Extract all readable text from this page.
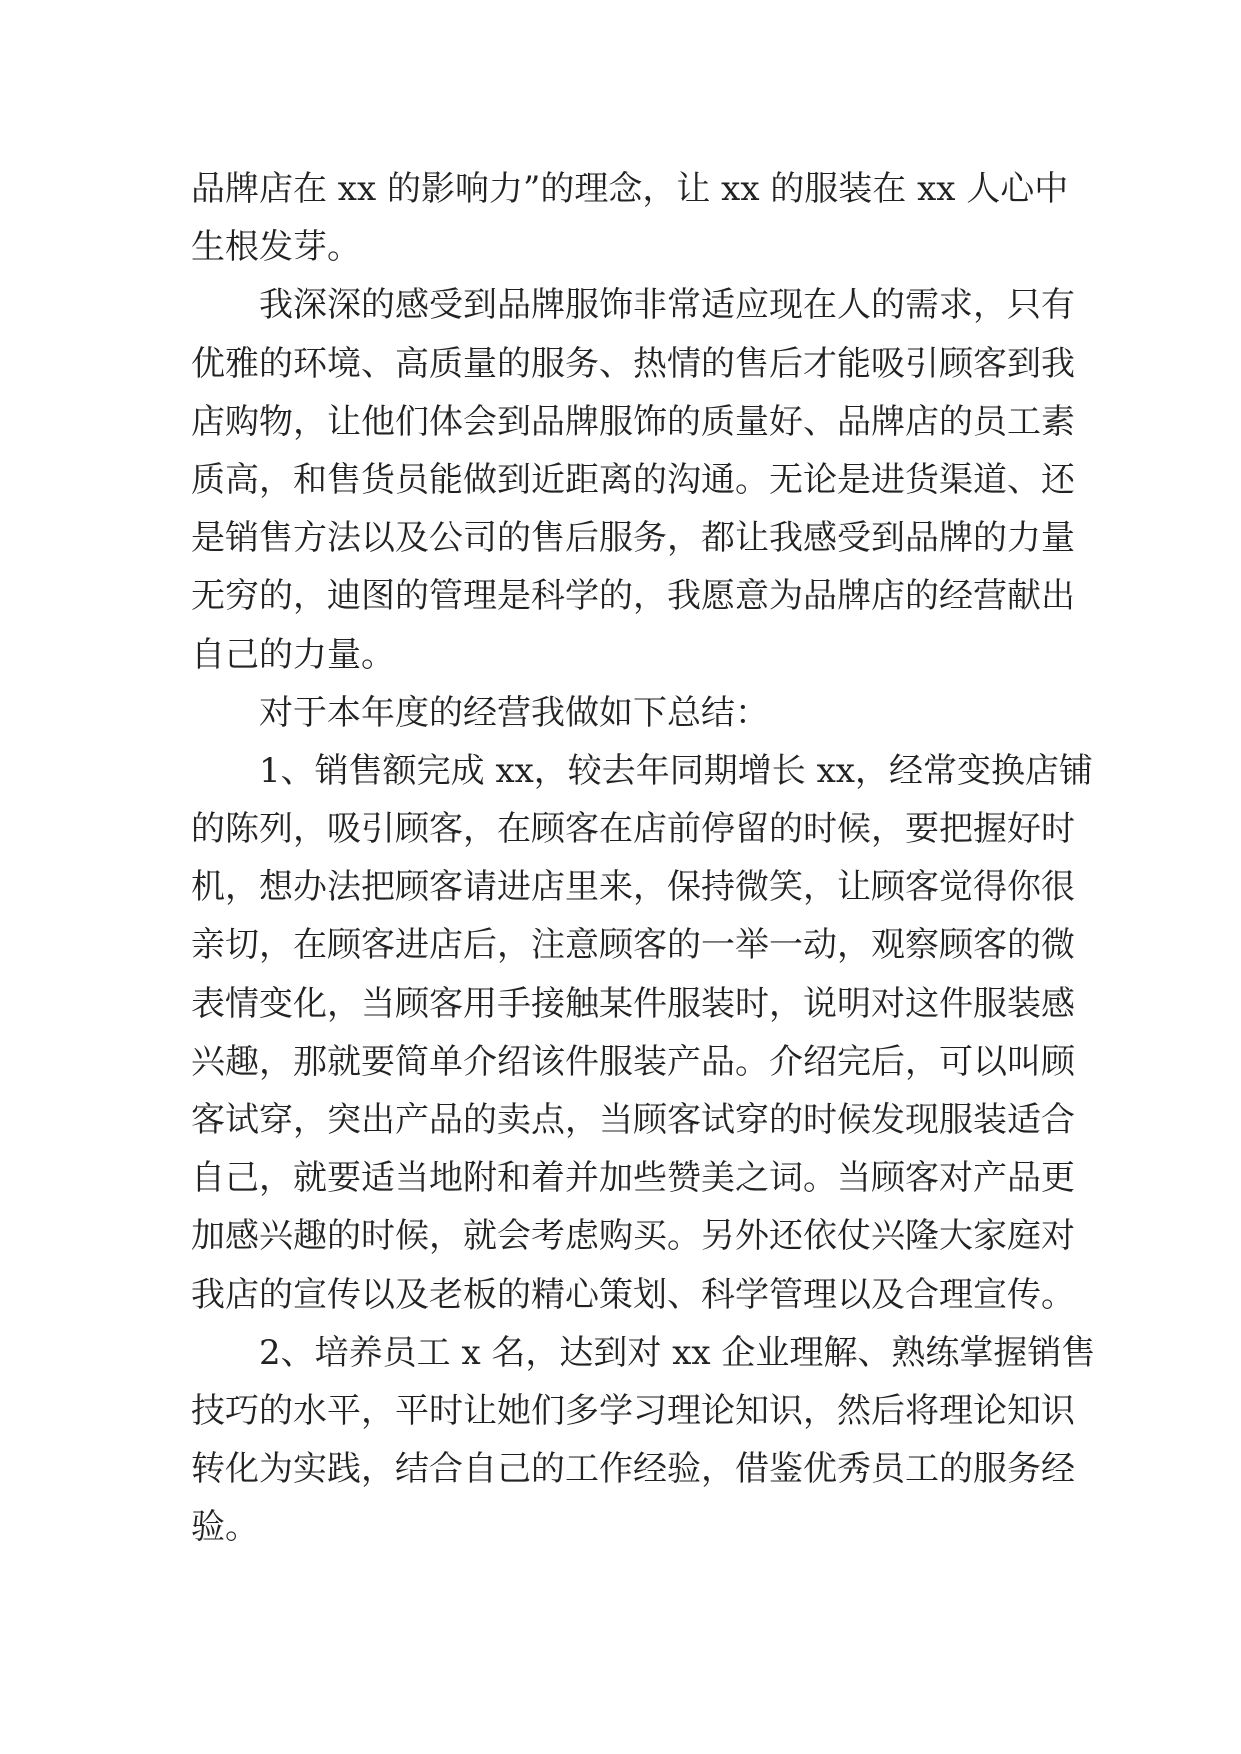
品牌店在 xx 的影响力”的理念，让 xx 的服装在 xx 人心中
生根发芽。
我深深的感受到品牌服饰非常适应现在人的需求，只有
优雅的环境、高质量的服务、热情的售后才能吸引顾客到我
店购物，让他们体会到品牌服饰的质量好、品牌店的员工素
质高，和售货员能做到近距离的沟通。无论是进货渠道、还
是销售方法以及公司的售后服务，都让我感受到品牌的力量
无穷的，迪图的管理是科学的，我愿意为品牌店的经营献出
自己的力量。
对于本年度的经营我做如下总结：
1、销售额完成 xx，较去年同期增长 xx，经常变换店铺
的陈列，吸引顾客，在顾客在店前停留的时候，要把握好时
机，想办法把顾客请进店里来，保持微笑，让顾客觉得你很
亲切，在顾客进店后，注意顾客的一举一动，观察顾客的微
表情变化，当顾客用手接触某件服装时，说明对这件服装感
兴趣，那就要简单介绍该件服装产品。介绍完后，可以叫顾
客试穿，突出产品的卖点，当顾客试穿的时候发现服装适合
自己，就要适当地附和着并加些赞美之词。当顾客对产品更
加感兴趣的时候，就会考虑购买。另外还依仗兴隆大家庭对
我店的宣传以及老板的精心策划、科学管理以及合理宣传。
2、培养员工 x 名，达到对 xx 企业理解、熟练掌握销售
技巧的水平，平时让她们多学习理论知识，然后将理论知识
转化为实践，结合自己的工作经验，借鉴优秀员工的服务经
验。
